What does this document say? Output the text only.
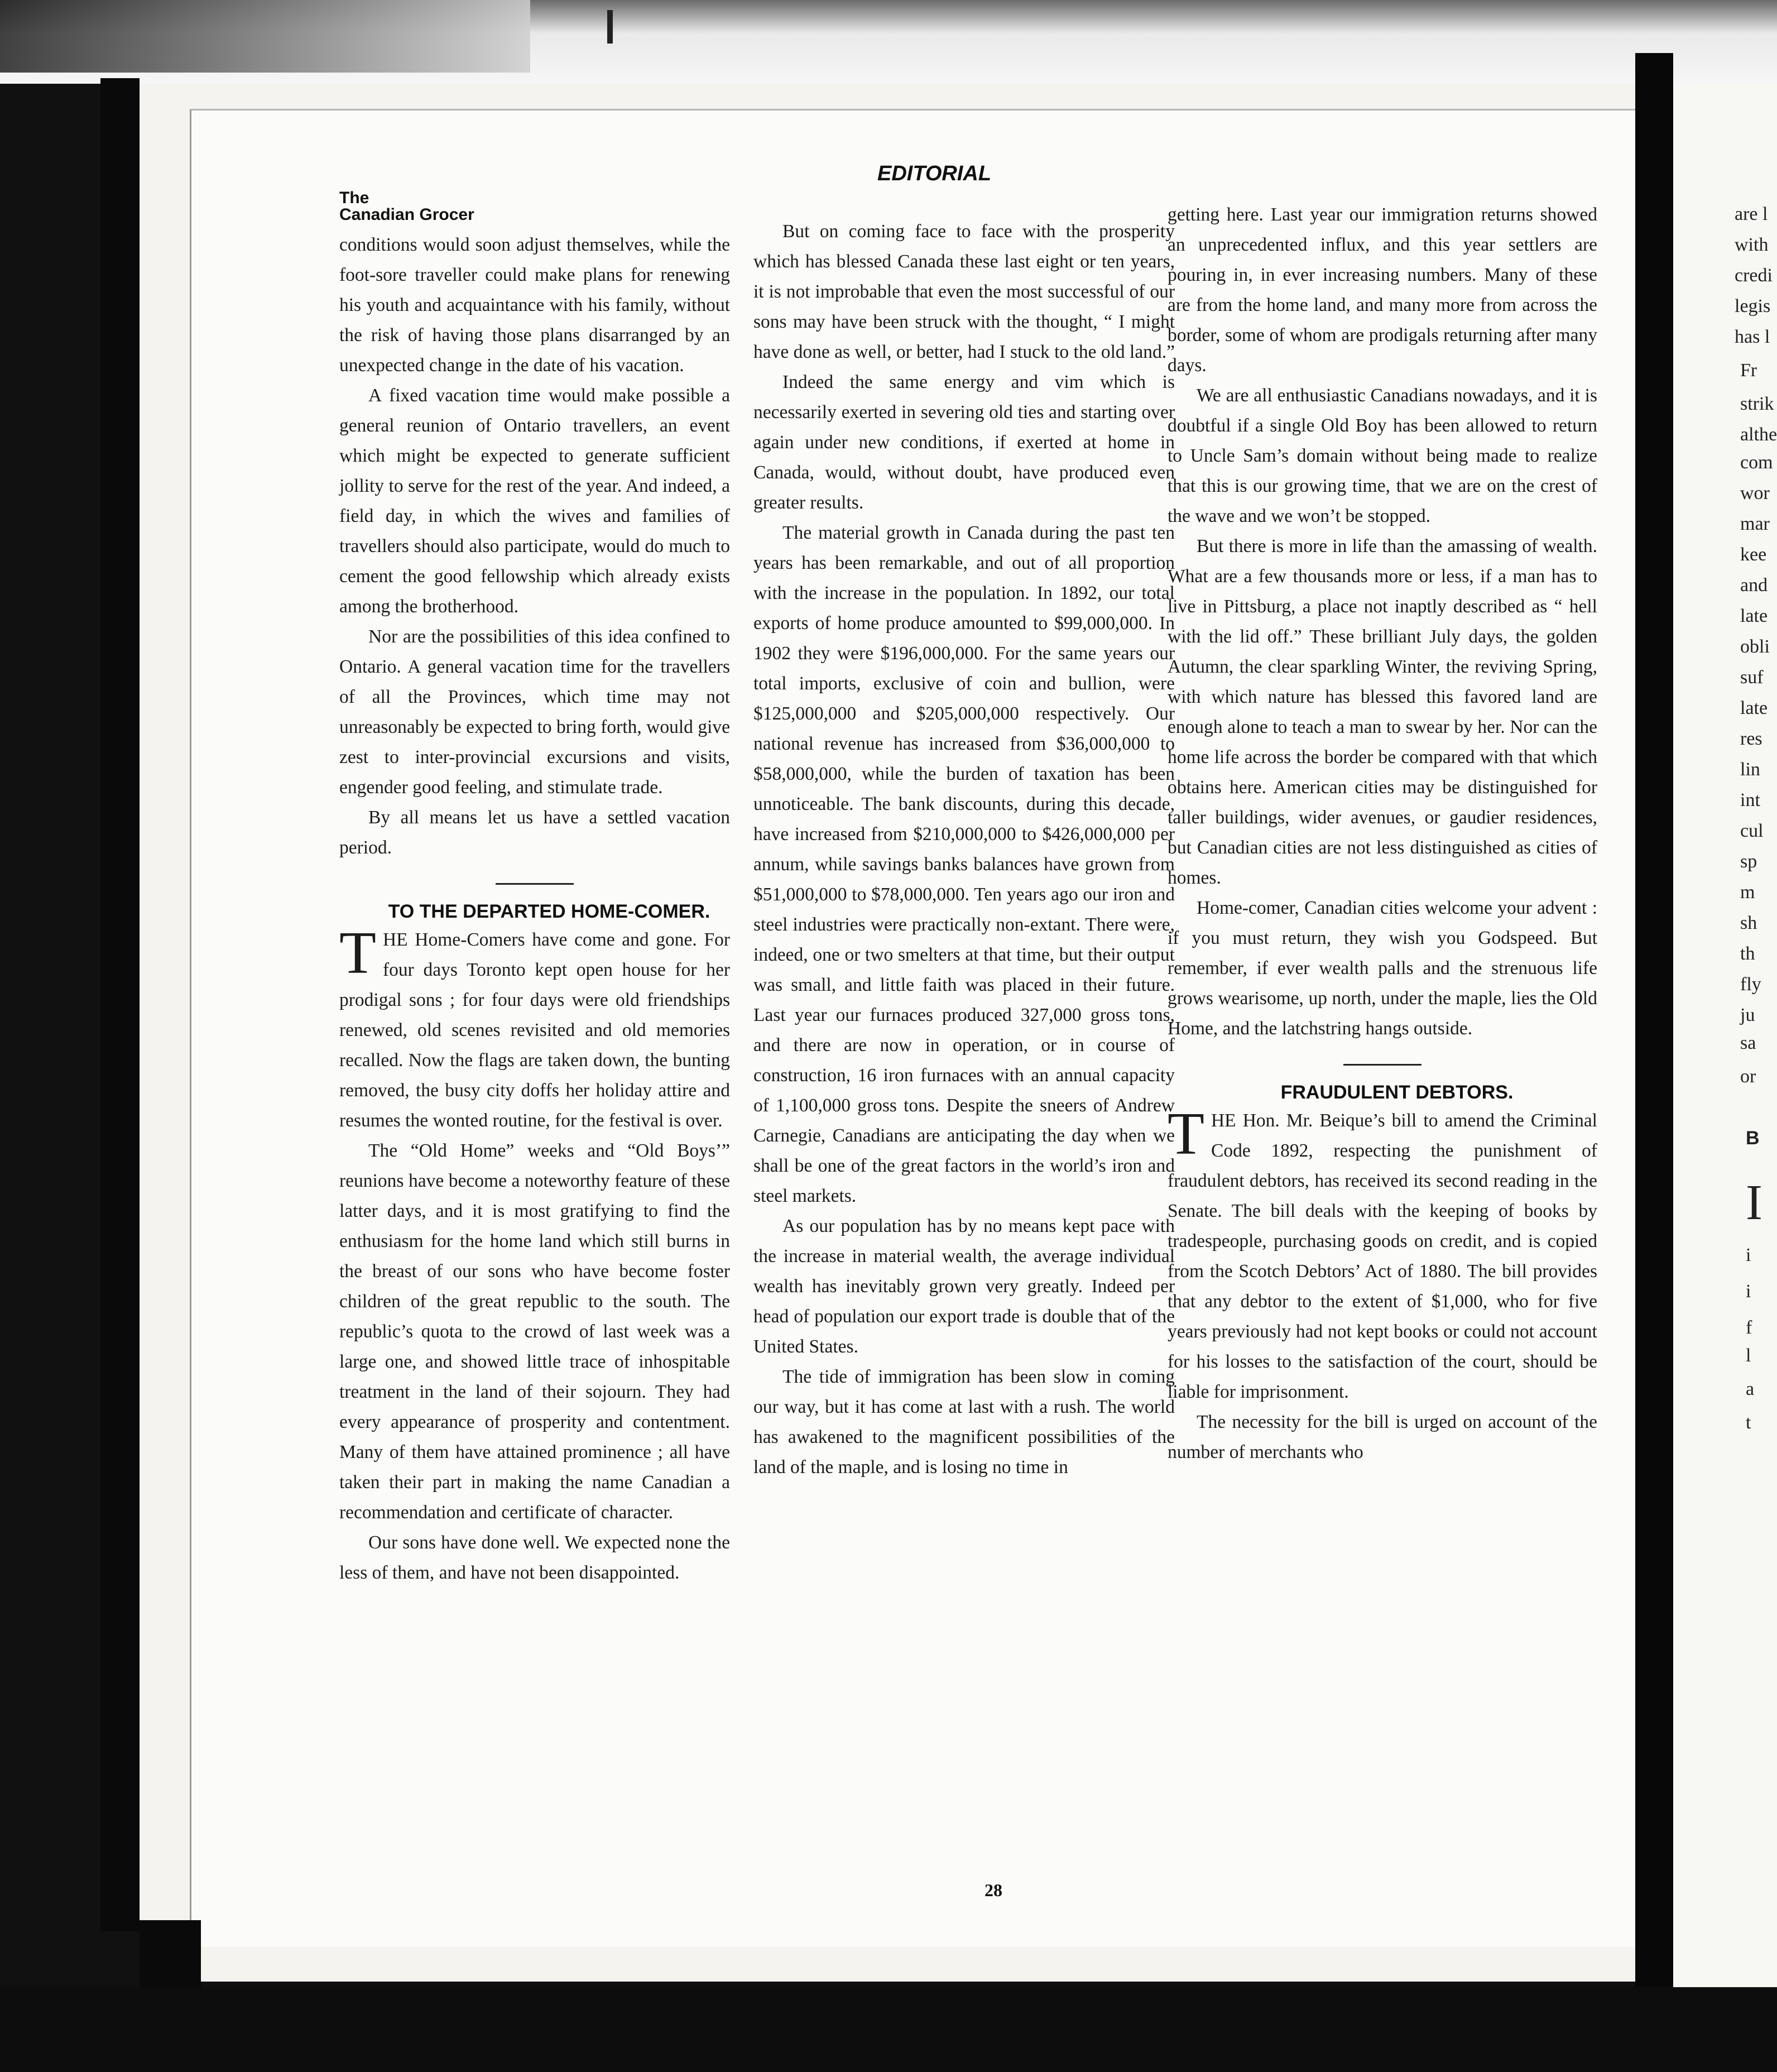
are l
with
credi
legis
has l
Fr
strik
althe
com
wor
mar
kee
and
late
obli
suf
late
res
lin
int
cul
sp
m
sh
th
fly
ju
sa
or
B
I
i
i
f
l
a
t
The
Canadian Grocer
EDITORIAL

conditions would soon adjust themselves, while the foot-sore traveller could make plans for renewing his youth and acquaintance with his family, without the risk of having those plans disarranged by an unexpected change in the date of his vacation.

A fixed vacation time would make possible a general reunion of Ontario travellers, an event which might be expected to generate sufficient jollity to serve for the rest of the year. And indeed, a field day, in which the wives and families of travellers should also participate, would do much to cement the good fellowship which already exists among the brotherhood.

Nor are the possibilities of this idea confined to Ontario. A general vacation time for the travellers of all the Provinces, which time may not unreasonably be expected to bring forth, would give zest to inter-provincial excursions and visits, engender good feeling, and stimulate trade.

By all means let us have a settled vacation period.

TO THE DEPARTED HOME-COMER.

THE Home-Comers have come and gone. For four days Toronto kept open house for her prodigal sons ; for four days were old friendships renewed, old scenes revisited and old memories recalled. Now the flags are taken down, the bunting removed, the busy city doffs her holiday attire and resumes the wonted routine, for the festival is over.

The “Old Home” weeks and “Old Boys’” reunions have become a noteworthy feature of these latter days, and it is most gratifying to find the enthusiasm for the home land which still burns in the breast of our sons who have become foster children of the great republic to the south. The republic’s quota to the crowd of last week was a large one, and showed little trace of inhospitable treatment in the land of their sojourn. They had every appearance of prosperity and contentment. Many of them have attained prominence ; all have taken their part in making the name Canadian a recommendation and certificate of character.

Our sons have done well. We expected none the less of them, and have not been disappointed.

But on coming face to face with the prosperity which has blessed Canada these last eight or ten years, it is not improbable that even the most successful of our sons may have been struck with the thought, “ I might have done as well, or better, had I stuck to the old land.”

Indeed the same energy and vim which is necessarily exerted in severing old ties and starting over again under new conditions, if exerted at home in Canada, would, without doubt, have produced even greater results.

The material growth in Canada during the past ten years has been remarkable, and out of all proportion with the increase in the population. In 1892, our total exports of home produce amounted to $99,000,000. In 1902 they were $196,000,000. For the same years our total imports, exclusive of coin and bullion, were $125,000,000 and $205,000,000 respectively. Our national revenue has increased from $36,000,000 to $58,000,000, while the burden of taxation has been unnoticeable. The bank discounts, during this decade, have increased from $210,000,000 to $426,000,000 per annum, while savings banks balances have grown from $51,000,000 to $78,000,000. Ten years ago our iron and steel industries were practically non-extant. There were, indeed, one or two smelters at that time, but their output was small, and little faith was placed in their future. Last year our furnaces produced 327,000 gross tons, and there are now in operation, or in course of construction, 16 iron furnaces with an annual capacity of 1,100,000 gross tons. Despite the sneers of Andrew Carnegie, Canadians are anticipating the day when we shall be one of the great factors in the world’s iron and steel markets.

As our population has by no means kept pace with the increase in material wealth, the average individual wealth has inevitably grown very greatly. Indeed per head of population our export trade is double that of the United States.

The tide of immigration has been slow in coming our way, but it has come at last with a rush. The world has awakened to the magnificent possibilities of the land of the maple, and is losing no time in

getting here. Last year our immigration returns showed an unprecedented influx, and this year settlers are pouring in, in ever increasing numbers. Many of these are from the home land, and many more from across the border, some of whom are prodigals returning after many days.

We are all enthusiastic Canadians nowadays, and it is doubtful if a single Old Boy has been allowed to return to Uncle Sam’s domain without being made to realize that this is our growing time, that we are on the crest of the wave and we won’t be stopped.

But there is more in life than the amassing of wealth. What are a few thousands more or less, if a man has to live in Pittsburg, a place not inaptly described as “ hell with the lid off.” These brilliant July days, the golden Autumn, the clear sparkling Winter, the reviving Spring, with which nature has blessed this favored land are enough alone to teach a man to swear by her. Nor can the home life across the border be compared with that which obtains here. American cities may be distinguished for taller buildings, wider avenues, or gaudier residences, but Canadian cities are not less distinguished as cities of homes.

Home-comer, Canadian cities welcome your advent : if you must return, they wish you Godspeed. But remember, if ever wealth palls and the strenuous life grows wearisome, up north, under the maple, lies the Old Home, and the latchstring hangs outside.

FRAUDULENT DEBTORS.

THE Hon. Mr. Beique’s bill to amend the Criminal Code 1892, respecting the punishment of fraudulent debtors, has received its second reading in the Senate. The bill deals with the keeping of books by tradespeople, purchasing goods on credit, and is copied from the Scotch Debtors’ Act of 1880. The bill provides that any debtor to the extent of $1,000, who for five years previously had not kept books or could not account for his losses to the satisfaction of the court, should be liable for imprisonment.

The necessity for the bill is urged on account of the number of merchants who

28
